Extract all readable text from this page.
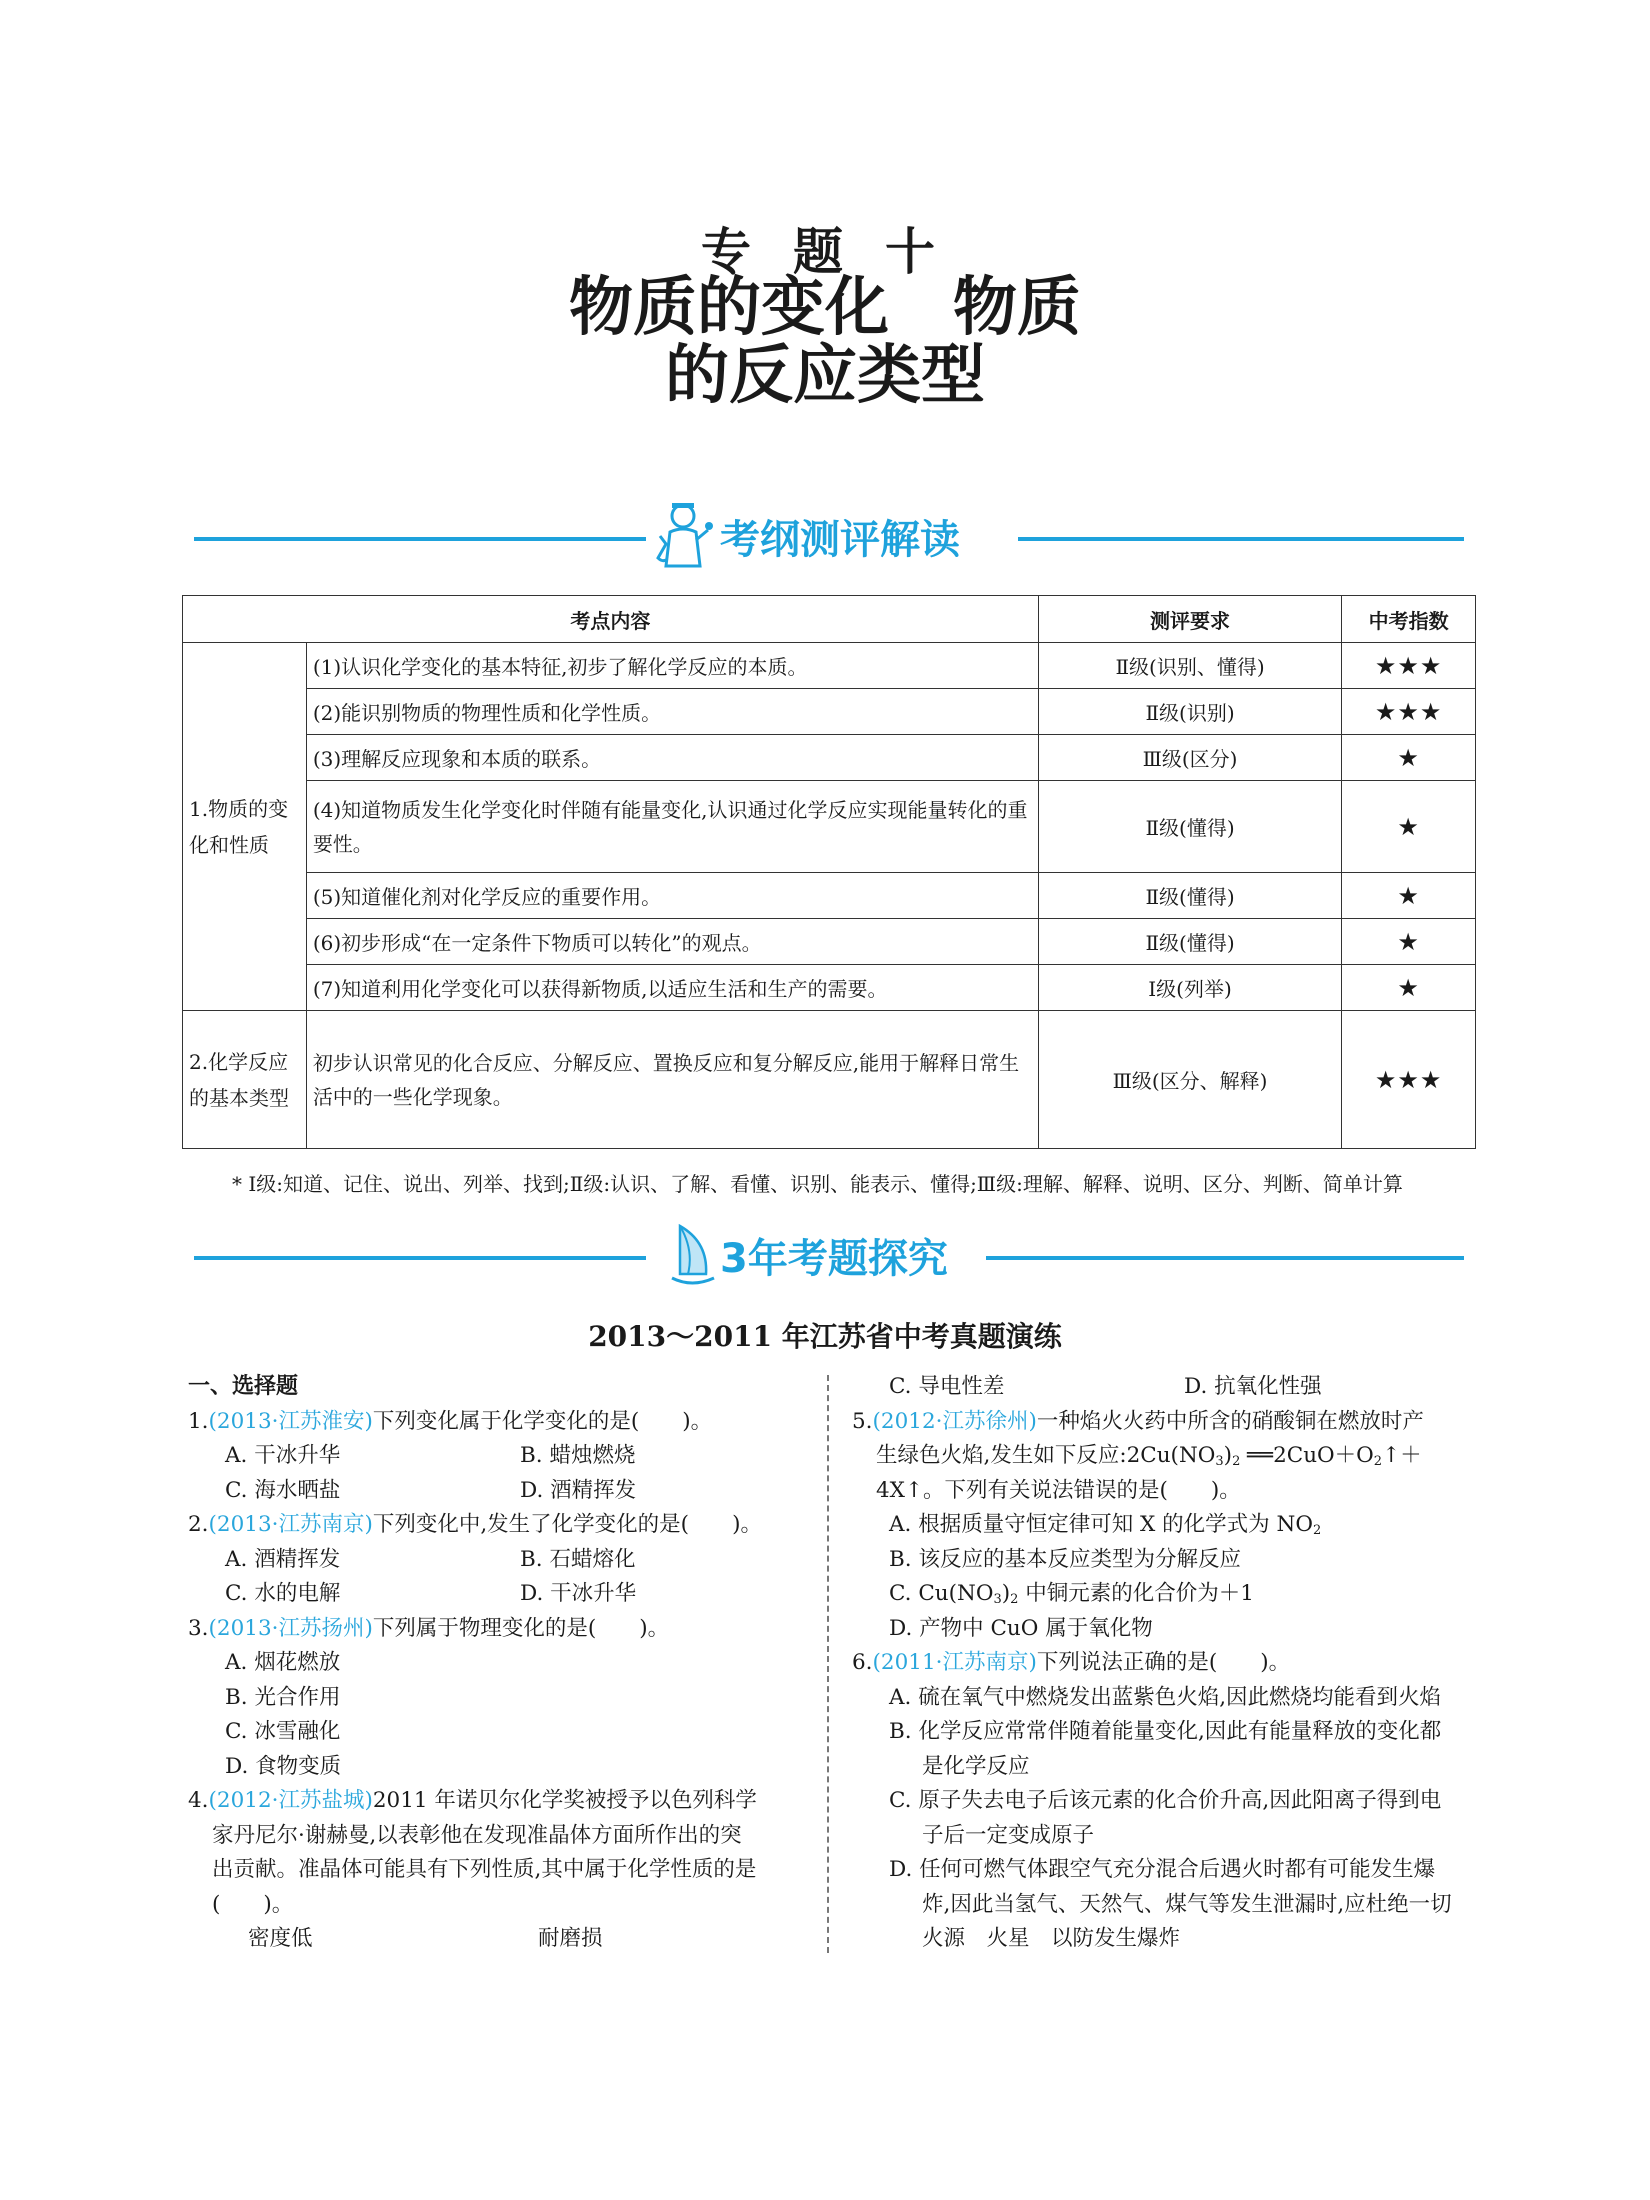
专题十
物质的变化 物质
的反应类型
考纲测评解读
考点内容		测评要求	中考指数
1.物质的变化和性质	(1)认识化学变化的基本特征,初步了解化学反应的本质。	Ⅱ级(识别、懂得)	★★★
	(2)能识别物质的物理性质和化学性质。	Ⅱ级(识别)	★★★
	(3)理解反应现象和本质的联系。	Ⅲ级(区分)	★
	(4)知道物质发生化学变化时伴随有能量变化,认识通过化学反应实现能量转化的重要性。	Ⅱ级(懂得)	★
	(5)知道催化剂对化学反应的重要作用。	Ⅱ级(懂得)	★
	(6)初步形成“在一定条件下物质可以转化”的观点。	Ⅱ级(懂得)	★
	(7)知道利用化学变化可以获得新物质,以适应生活和生产的需要。	Ⅰ级(列举)	★
2.化学反应的基本类型	初步认识常见的化合反应、分解反应、置换反应和复分解反应,能用于解释日常生活中的一些化学现象。	Ⅲ级(区分、解释)	★★★
* Ⅰ级:知道、记住、说出、列举、找到;Ⅱ级:认识、了解、看懂、识别、能表示、懂得;Ⅲ级:理解、解释、说明、区分、判断、简单计算
3年考题探究
2013～2011 年江苏省中考真题演练
一、选择题
1.(2013·江苏淮安)下列变化属于化学变化的是(　　)。
A. 干冰升华	B. 蜡烛燃烧
C. 海水晒盐	D. 酒精挥发
2.(2013·江苏南京)下列变化中,发生了化学变化的是(　　)。
A. 酒精挥发	B. 石蜡熔化
C. 水的电解	D. 干冰升华
3.(2013·江苏扬州)下列属于物理变化的是(　　)。
A. 烟花燃放
B. 光合作用
C. 冰雪融化
D. 食物变质
4.(2012·江苏盐城)2011 年诺贝尔化学奖被授予以色列科学
家丹尼尔·谢赫曼,以表彰他在发现准晶体方面所作出的突
出贡献。准晶体可能具有下列性质,其中属于化学性质的是
(　　)。
密度低	耐磨损
C. 导电性差	D. 抗氧化性强
5.(2012·江苏徐州)一种焰火火药中所含的硝酸铜在燃放时产
生绿色火焰,发生如下反应$:2Cu(NO_3)_2$ $══2CuO+O_2↑+$
4X↑。下列有关说法错误的是(　　)。
A. 根据质量守恒定律可知 X 的化学式为 $NO_2$
B. 该反应的基本反应类型为分解反应
C. $Cu(NO_3)_2$ 中铜元素的化合价为＋1
D. 产物中 CuO 属于氧化物
6.(2011·江苏南京)下列说法正确的是(　　)。
A. 硫在氧气中燃烧发出蓝紫色火焰,因此燃烧均能看到火焰
B. 化学反应常常伴随着能量变化,因此有能量释放的变化都
是化学反应
C. 原子失去电子后该元素的化合价升高,因此阳离子得到电
子后一定变成原子
D. 任何可燃气体跟空气充分混合后遇火时都有可能发生爆
炸,因此当氢气、天然气、煤气等发生泄漏时,应杜绝一切
火源　火星　以防发生爆炸
